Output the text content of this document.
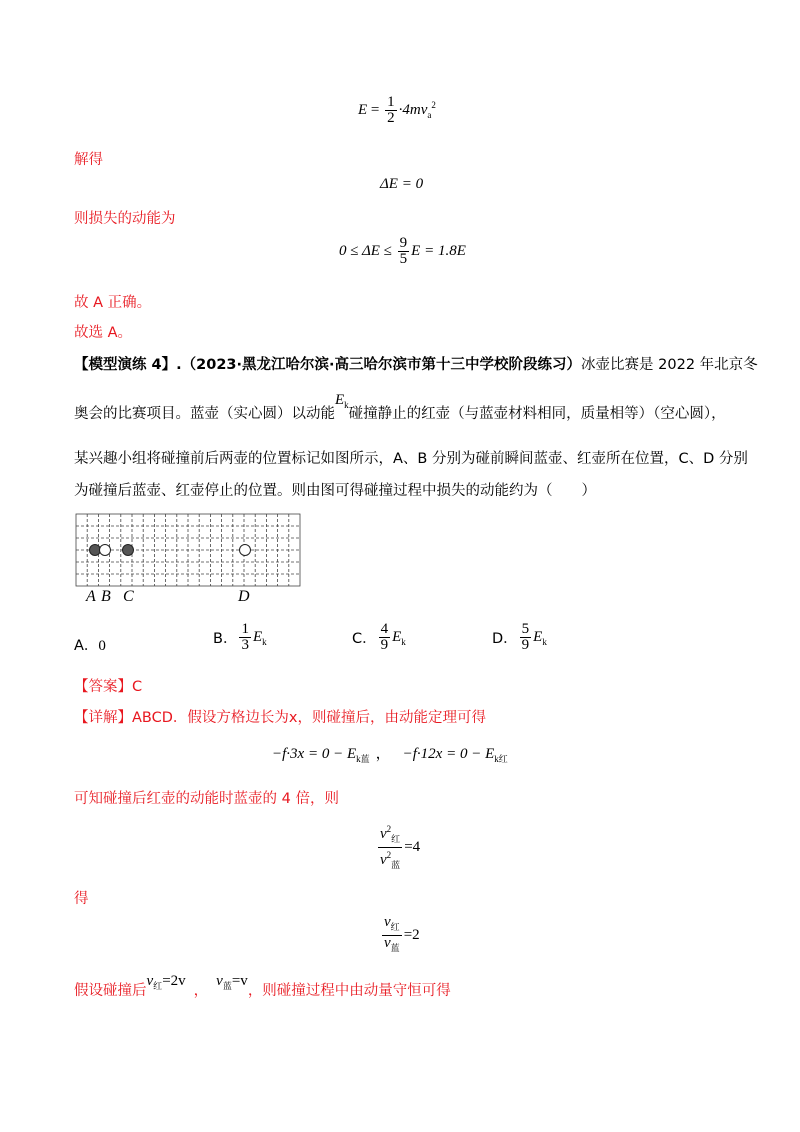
$E = \frac{1}{2} \cdot 4mv_a^2$
解得
ΔE = 0
则损失的动能为
$0 \le \Delta E \le \frac{9}{5}$ E = 1.8E
故 A 正确。
故选 A。
【模型演练 4】.（2023·黑龙江哈尔滨·高三哈尔滨市第十三中学校阶段练习）冰壶比赛是 2022 年北京冬
奥会的比赛项目。蓝壶（实心圆）以动能$E_k$碰撞静止的红壶（与蓝壶材料相同，质量相等）（空心圆），
某兴趣小组将碰撞前后两壶的位置标记如图所示，A、B 分别为碰前瞬间蓝壶、红壶所在位置，C、D 分别
为碰撞后蓝壶、红壶停止的位置。则由图可得碰撞过程中损失的动能约为（　　）
A B C	D
A．0	B． $\frac{1}{3} E_k$	C． $\frac{4}{9} E_k$	D． $\frac{5}{9} E_k$
【答案】C
【详解】ABCD．假设方格边长为x，则碰撞后，由动能定理可得
$-f\cdot 3x = 0 - E_{k蓝}$ ， $-f\cdot 12x = 0 - E_{k红}$
可知碰撞后红壶的动能时蓝壶的 4 倍，则
$\frac{v^2_红}{v^2_蓝} =4$
得
$\frac{v_红}{v_蓝} =2$
假设碰撞后$v_红=2v$，$v_蓝=v$，则碰撞过程中由动量守恒可得
